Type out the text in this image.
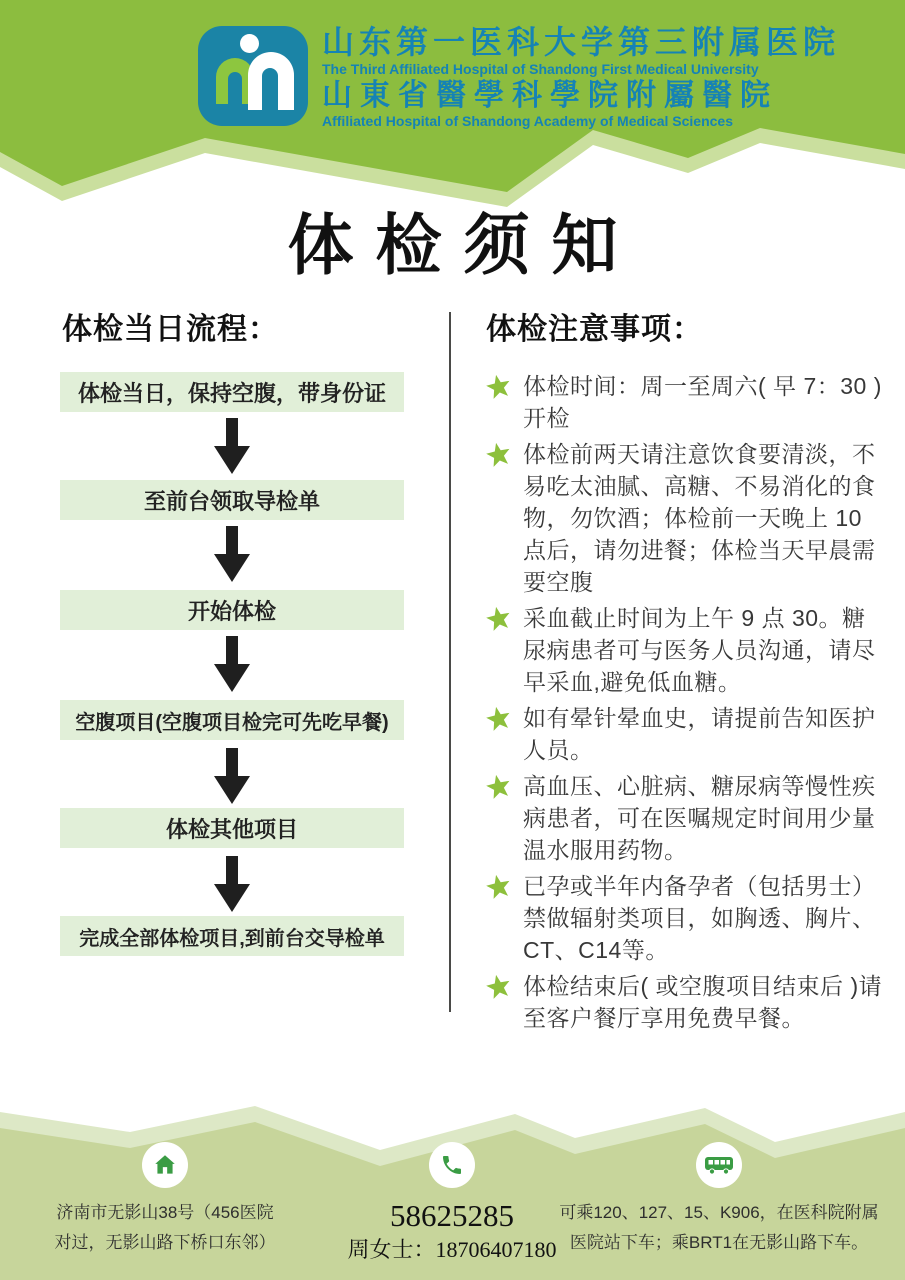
山东第一医科大学第三附属医院
The Third Affiliated Hospital of Shandong First Medical University
山東省醫學科學院附屬醫院
Affiliated Hospital of Shandong Academy of Medical Sciences
体检须知
体检当日流程：
体检当日，保持空腹，带身份证
至前台领取导检单
开始体检
空腹项目(空腹项目检完可先吃早餐)
体检其他项目
完成全部体检项目,到前台交导检单
体检注意事项：
体检时间：周一至周六( 早 7：30 )开检
体检前两天请注意饮食要清淡，不易吃太油腻、高糖、不易消化的食物，勿饮酒；体检前一天晚上 10 点后，请勿进餐；体检当天早晨需要空腹
采血截止时间为上午 9 点 30。糖尿病患者可与医务人员沟通，请尽早采血,避免低血糖。
如有晕针晕血史，请提前告知医护人员。
高血压、心脏病、糖尿病等慢性疾病患者，可在医嘱规定时间用少量温水服用药物。
已孕或半年内备孕者（包括男士）禁做辐射类项目，如胸透、胸片、CT、C14等。
体检结束后( 或空腹项目结束后 )请至客户餐厅享用免费早餐。
济南市无影山38号（456医院
对过，无影山路下桥口东邻）
58625285
周女士：18706407180
可乘120、127、15、K906，在医科院附属
医院站下车；乘BRT1在无影山路下车。
